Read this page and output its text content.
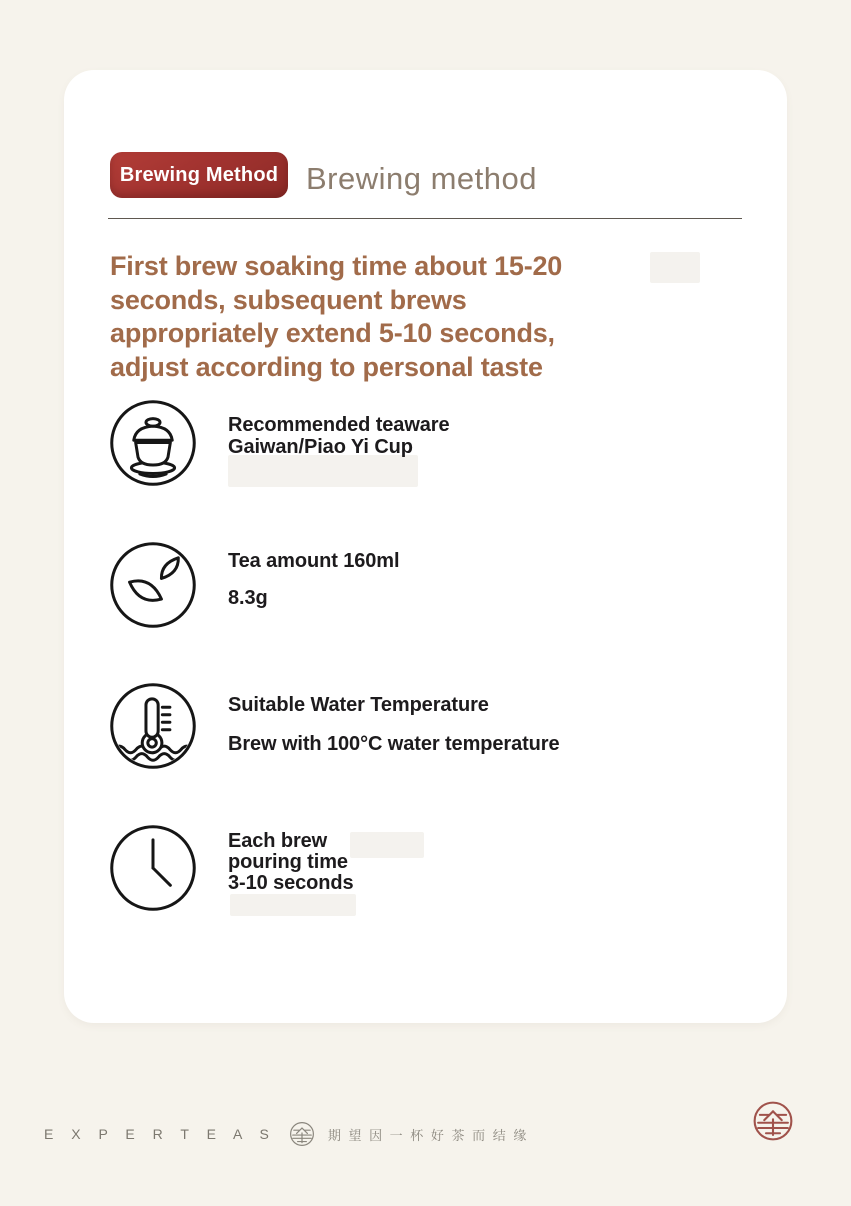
Brewing Method Brewing method
First brew soaking time about 15-20
seconds, subsequent brews
appropriately extend 5-10 seconds,
adjust according to personal taste
Recommended teaware
Gaiwan/Piao Yi Cup
Tea amount 160ml
8.3g
Suitable Water Temperature
Brew with 100°C water temperature
Each brew
pouring time
3-10 seconds
E X P E R T E A S	期 望 因 一 杯 好 茶 而 结 缘
